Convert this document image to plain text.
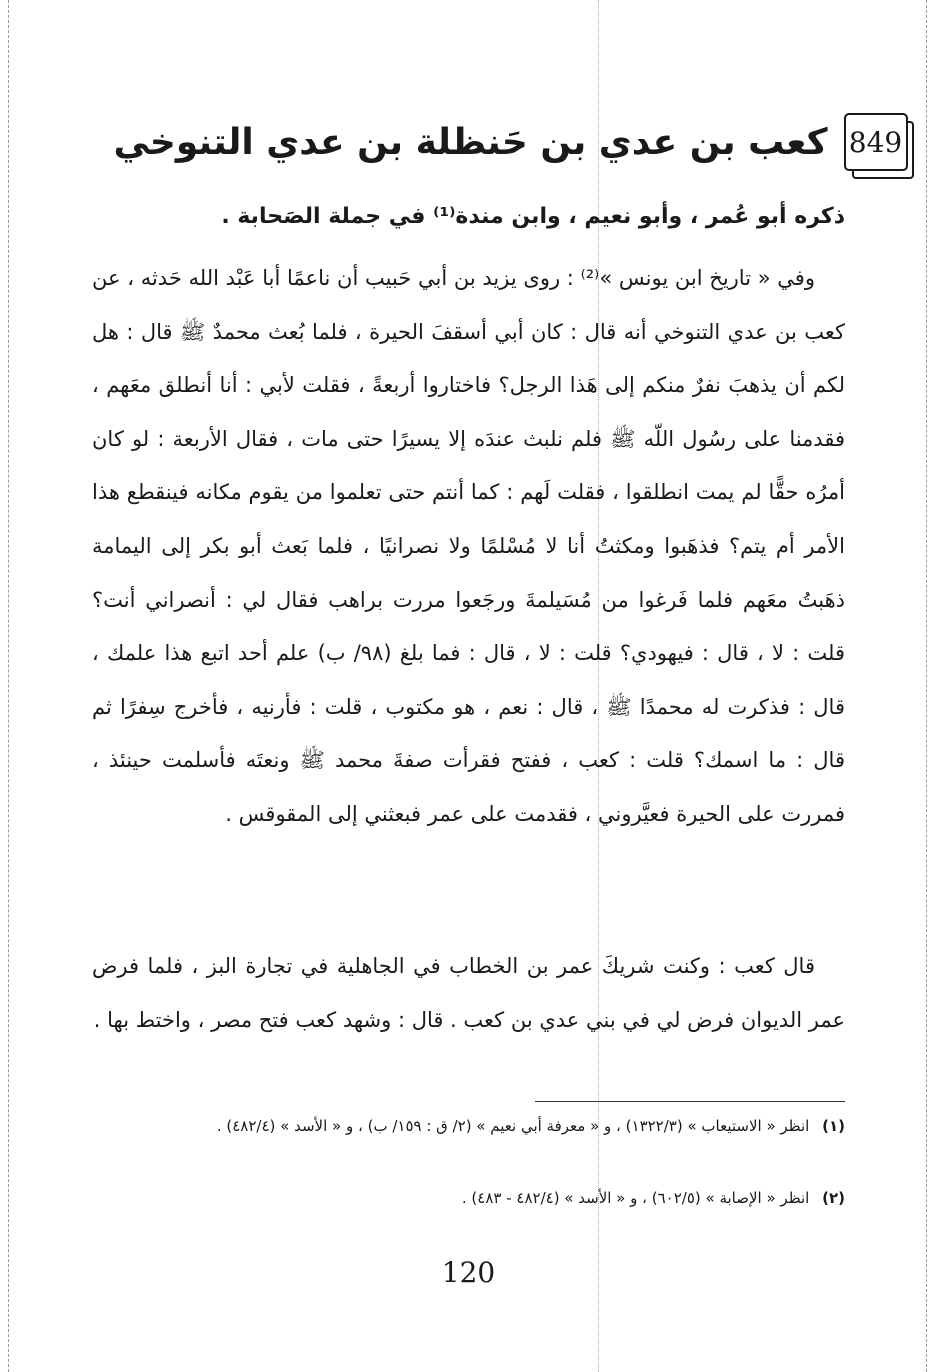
849
كعب بن عدي بن حَنظلة بن عدي التنوخي
ذكره أبو عُمر ، وأبو نعيم ، وابن مندة⁽¹⁾ في جملة الصَحابة .

وفي « تاريخ ابن يونس »⁽²⁾ : روى يزيد بن أبي حَبيب أن ناعمًا أبا عَبْد الله حَدثه ، عن كعب بن عدي التنوخي أنه قال : كان أبي أسقفَ الحيرة ، فلما بُعث محمدٌ ﷺ قال : هل لكم أن يذهبَ نفرٌ منكم إلى هَذا الرجل؟ فاختاروا أربعةً ، فقلت لأبي : أنا أنطلق معَهم ، فقدمنا على رسُول اللّه ﷺ فلم نلبث عندَه إلا يسيرًا حتى مات ، فقال الأربعة : لو كان أمرُه حقًّا لم يمت انطلقوا ، فقلت لَهم : كما أنتم حتى تعلموا من يقوم مكانه فينقطع هذا الأمر أم يتم؟ فذهَبوا ومكثتُ أنا لا مُسْلمًا ولا نصرانيًا ، فلما بَعث أبو بكر إلى اليمامة ذهَبتُ معَهم فلما فَرغوا من مُسَيلمةَ ورجَعوا مررت براهب فقال لي : أنصراني أنت؟ قلت : لا ، قال : فيهودي؟ قلت : لا ، قال : فما بلغ (٩٨/ ب) علم أحد اتبع هذا علمك ، قال : فذكرت له محمدًا ﷺ ، قال : نعم ، هو مكتوب ، قلت : فأرنيه ، فأخرج سِفرًا ثم قال : ما اسمك؟ قلت : كعب ، ففتح فقرأت صفةَ محمد ﷺ ونعتَه فأسلمت حينئذ ، فمررت على الحيرة فعيَّروني ، فقدمت على عمر فبعثني إلى المقوقس .

قال كعب : وكنت شريكَ عمر بن الخطاب في الجاهلية في تجارة البز ، فلما فرض عمر الديوان فرض لي في بني عدي بن كعب . قال : وشهد كعب فتح مصر ، واختط بها .

(١) انظر « الاستيعاب » (١٣٢٢/٣) ، و « معرفة أبي نعيم » (٢/ ق : ١٥٩/ ب) ، و « الأسد » (٤٨٢/٤) .
(٢) انظر « الإصابة » (٦٠٢/٥) ، و « الأسد » (٤٨٢/٤ - ٤٨٣) .
120
